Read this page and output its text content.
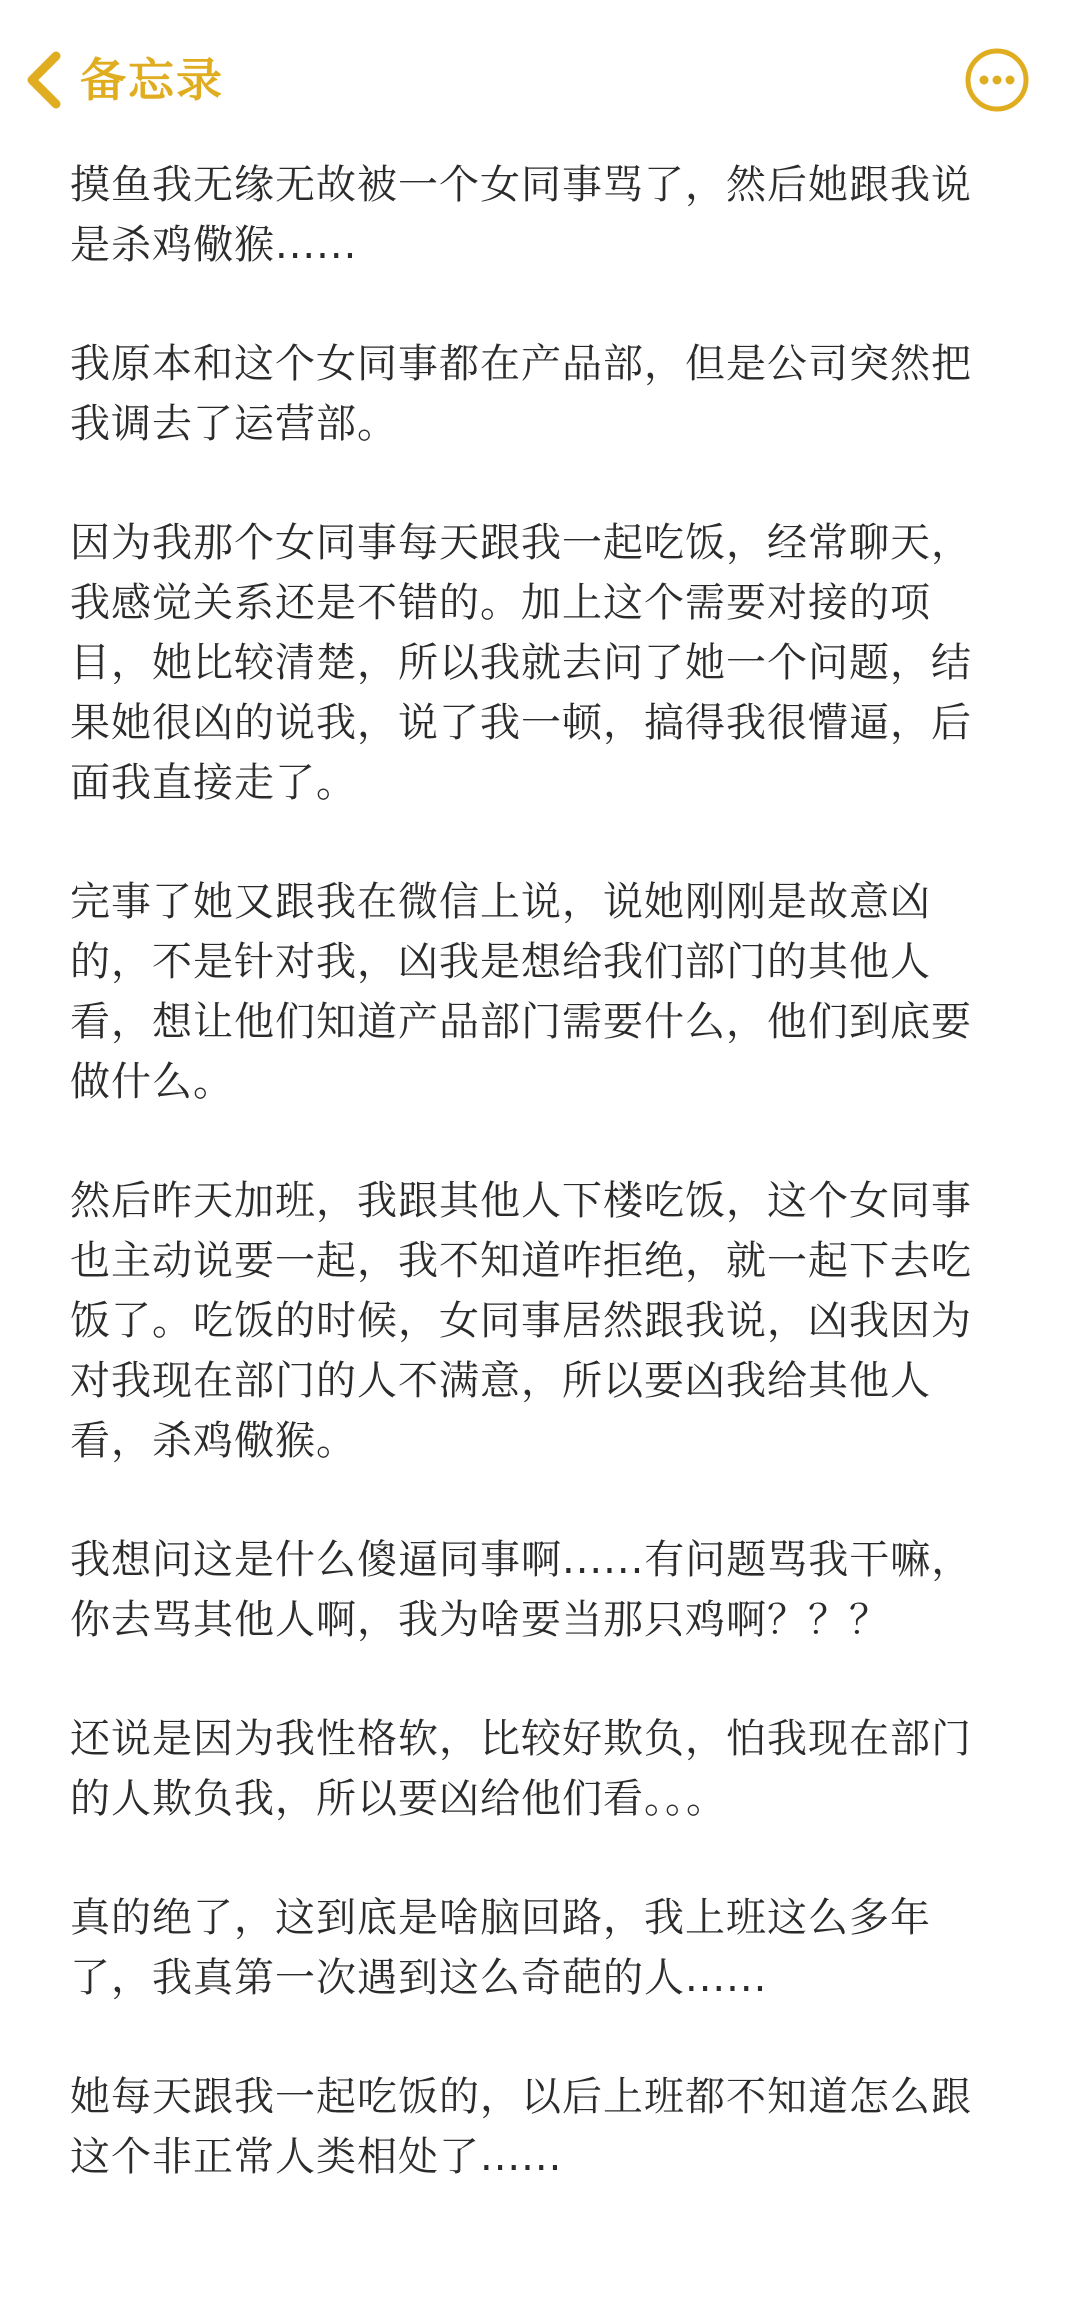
备忘录

摸鱼我无缘无故被一个女同事骂了，然后她跟我说
是杀鸡儆猴......

我原本和这个女同事都在产品部，但是公司突然把
我调去了运营部。

因为我那个女同事每天跟我一起吃饭，经常聊天，
我感觉关系还是不错的。加上这个需要对接的项
目，她比较清楚，所以我就去问了她一个问题，结
果她很凶的说我，说了我一顿，搞得我很懵逼，后
面我直接走了。

完事了她又跟我在微信上说，说她刚刚是故意凶
的，不是针对我，凶我是想给我们部门的其他人
看，想让他们知道产品部门需要什么，他们到底要
做什么。

然后昨天加班，我跟其他人下楼吃饭，这个女同事
也主动说要一起，我不知道咋拒绝，就一起下去吃
饭了。吃饭的时候，女同事居然跟我说，凶我因为
对我现在部门的人不满意，所以要凶我给其他人
看，杀鸡儆猴。

我想问这是什么傻逼同事啊......有问题骂我干嘛，
你去骂其他人啊，我为啥要当那只鸡啊？？？

还说是因为我性格软，比较好欺负，怕我现在部门
的人欺负我，所以要凶给他们看。。。

真的绝了，这到底是啥脑回路，我上班这么多年
了，我真第一次遇到这么奇葩的人......

她每天跟我一起吃饭的，以后上班都不知道怎么跟
这个非正常人类相处了......
